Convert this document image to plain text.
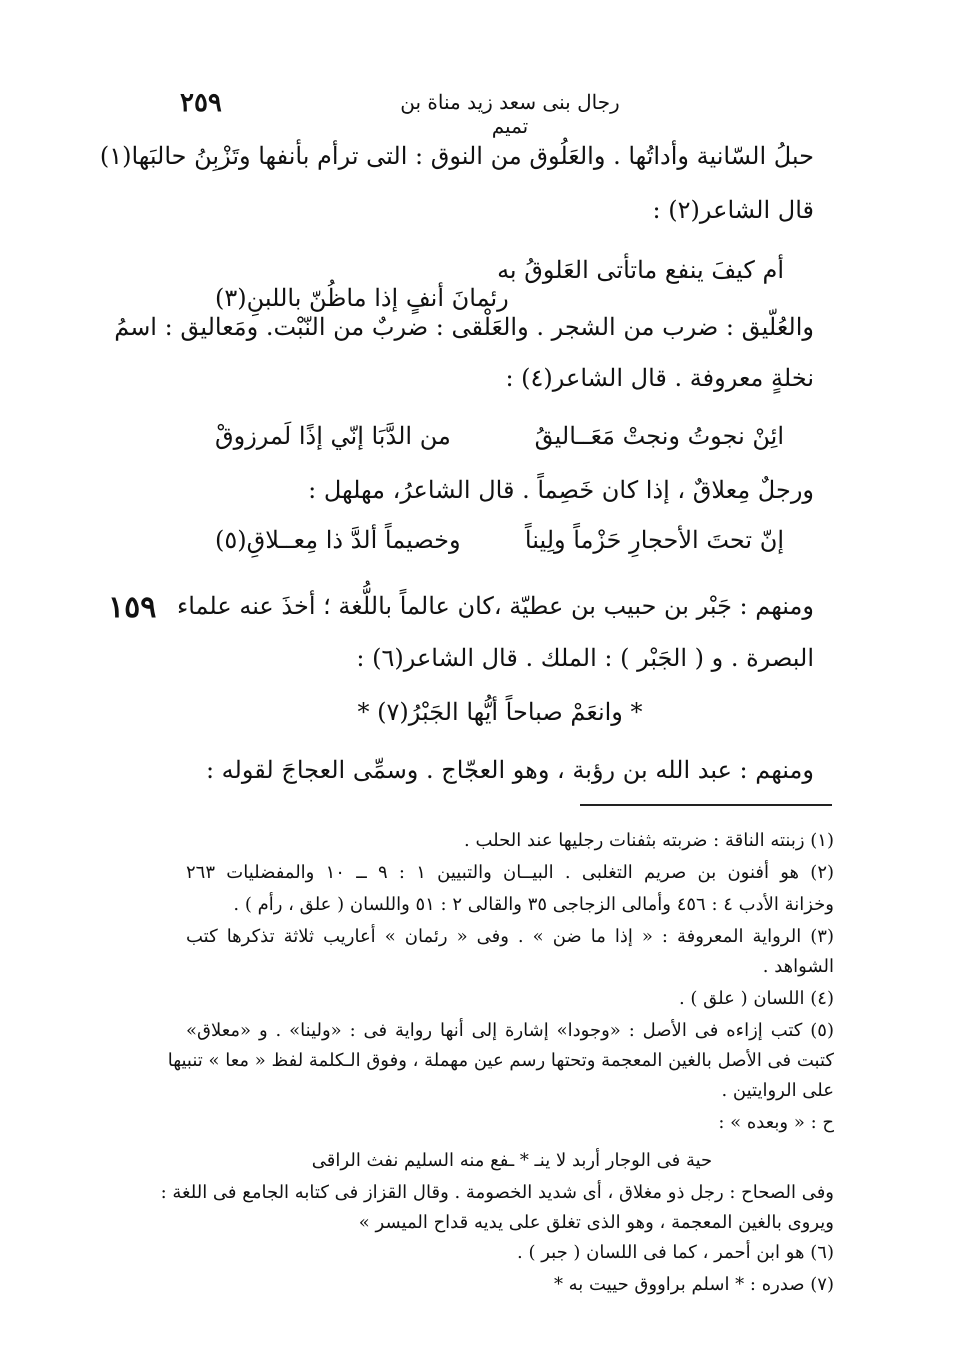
٢٥٩	رجال بنى سعد زيد مناة بن تميم
١٥٩
حبلُ السّانية وأداتُها . والعَلُوق من النوق : التى ترأم بأنفها وتَزْبِنُ حالبَها(١)
قال الشاعر(٢) :
أم كيفَ ينفع ماتأتى العَلوقُ به
رئمانَ أنفٍ إذا ماظُنّ باللبنِ(٣)
والعُلّيق : ضرب من الشجر . والعَلْقى : ضربٌ من النّبْت. ومَعاليق : اسمُ
نخلةٍ معروفة . قال الشاعر(٤) :
ائِنْ نجوتُ ونجتْ مَعَــاليقُ
من الدَّبَا إنّي إذًا لَمرزوقْ
ورجلٌ مِعلاقٌ ، إذا كان خَصِماً . قال الشاعرُ، مهلهل :
إنّ تحتَ الأحجارِ حَزْماً ولِيناً
وخصيماً ألدَّ ذا مِعــلاقِ(٥)
ومنهم : جَبْر بن حبيب بن عطيّة ،كان عالماً باللُّغة ؛ أخذَ عنه علماء
البصرة . و ( الجَبْر ) : الملك . قال الشاعر(٦) :
* وانعَمْ صباحاً أيُّها الجَبْرُ(٧) *
ومنهم : عبد الله بن رؤبة ، وهو العجّاج . وسمِّى العجاجَ لقوله :
(١) زبنته الناقة : ضربته بثفنات رجليها عند الحلب .
(٢) هو أفنون بن صريم التغلبى . البيــان والتبيين ١ : ٩ ــ ١٠ والمفضليات ٢٦٣
وخزانة الأدب ٤ : ٤٥٦ وأمالى الزجاجى ٣٥ والقالى ٢ : ٥١ واللسان ( علق ، رأم ) .
(٣) الرواية المعروفة : « إذا ما ضن » . وفى « رئمان » أعاريب ثلاثة تذكرها كتب
الشواهد .
(٤) اللسان ( علق ) .
(٥) كتب إزاءه فى الأصل : «وجودا» إشارة إلى أنها رواية فى : «ولينا» . و «معلاق»
كتبت فى الأصل بالغين المعجمة وتحتها رسم عين مهملة ، وفوق الـكلمة لفظ « معا » تنبيها
على الروايتين .
ح : « وبعده » :
حية فى الوجار أربد لا ينـ * ـفع منه السليم نفث الراقى
وفى الصحاح : رجل ذو مغلاق ، أى شديد الخصومة . وقال القزاز فى كتابه الجامع فى اللغة :
ويروى بالغين المعجمة ، وهو الذى تغلق على يديه قداح الميسر »
(٦) هو ابن أحمر ، كما فى اللسان ( جبر ) .
(٧) صدره : * اسلم براووق حييت به *
